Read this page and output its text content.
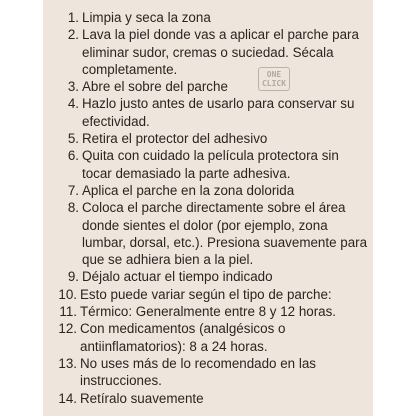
ONE
CLICK
1. Limpia y seca la zona
2. Lava la piel donde vas a aplicar el parche para eliminar sudor, cremas o suciedad. Sécala completamente.
3. Abre el sobre del parche
4. Hazlo justo antes de usarlo para conservar su efectividad.
5. Retira el protector del adhesivo
6. Quita con cuidado la película protectora sin tocar demasiado la parte adhesiva.
7. Aplica el parche en la zona dolorida
8. Coloca el parche directamente sobre el área donde sientes el dolor (por ejemplo, zona lumbar, dorsal, etc.). Presiona suavemente para que se adhiera bien a la piel.
9. Déjalo actuar el tiempo indicado
10. Esto puede variar según el tipo de parche:
11. Térmico: Generalmente entre 8 y 12 horas.
12. Con medicamentos (analgésicos o antiinflamatorios): 8 a 24 horas.
13. No uses más de lo recomendado en las instrucciones.
14. Retíralo suavemente
